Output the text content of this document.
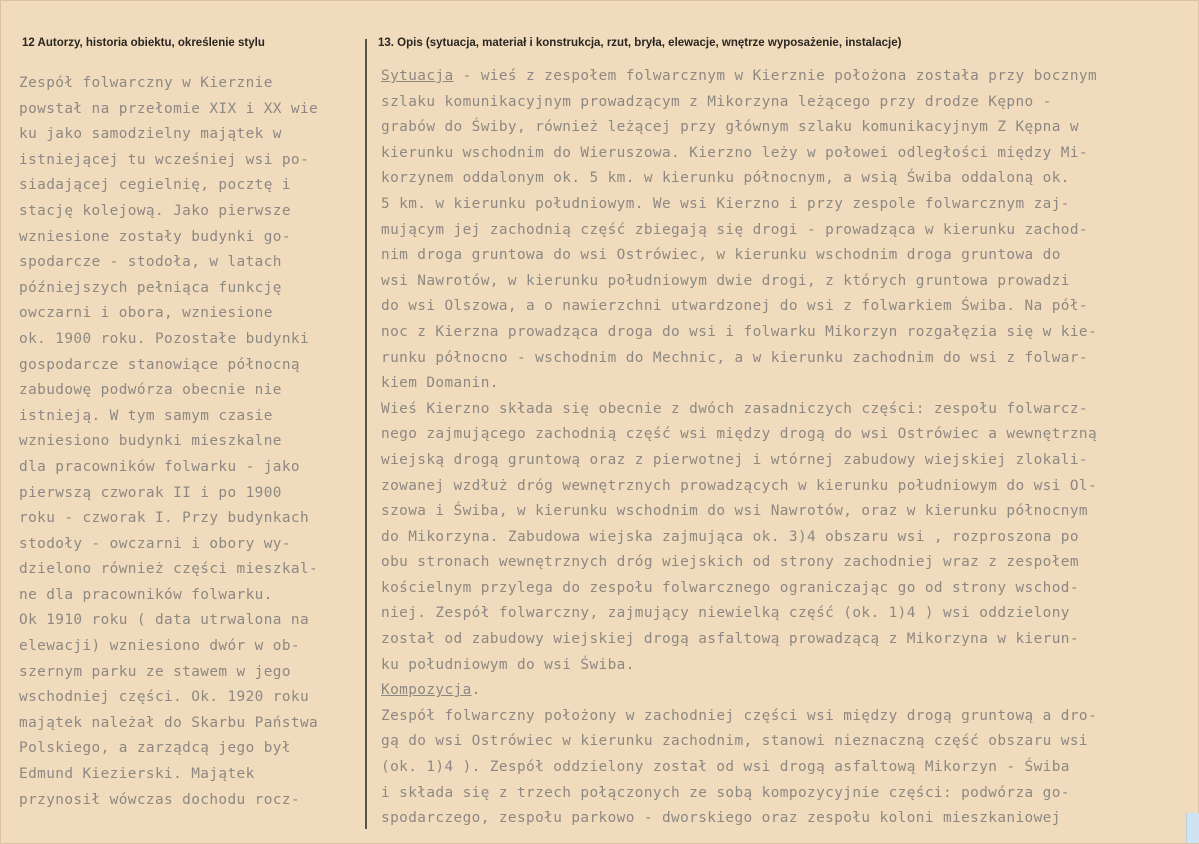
12 Autorzy, historia obiektu, określenie stylu	13. Opis (sytuacja, materiał i konstrukcja, rzut, bryła, elewacje, wnętrze wyposażenie, instalacje)
Zespół folwarczny w Kierznie
powstał na przełomie XIX i XX wie
ku jako samodzielny majątek w
istniejącej tu wcześniej wsi po-
siadającej cegielnię, pocztę i
stację kolejową. Jako pierwsze
wzniesione zostały budynki go-
spodarcze - stodoła, w latach
późniejszych pełniąca funkcję
owczarni i obora, wzniesione
ok. 1900 roku. Pozostałe budynki
gospodarcze stanowiące północną
zabudowę podwórza obecnie nie
istnieją. W tym samym czasie
wzniesiono budynki mieszkalne
dla pracowników folwarku - jako
pierwszą czworak II i po 1900
roku - czworak I. Przy budynkach
stodoły - owczarni i obory wy-
dzielono również części mieszkal-
ne dla pracowników folwarku.
Ok 1910 roku ( data utrwalona na
elewacji) wzniesiono dwór w ob-
szernym parku ze stawem w jego
wschodniej części. Ok. 1920 roku
majątek należał do Skarbu Państwa
Polskiego, a zarządcą jego był
Edmund Kiezierski. Majątek
przynosił wówczas dochodu rocz-
Sytuacja - wieś z zespołem folwarcznym w Kierznie położona została przy bocznym
szlaku komunikacyjnym prowadzącym z Mikorzyna leżącego przy drodze Kępno -
grabów do Świby, również leżącej przy głównym szlaku komunikacyjnym Z Kępna w
kierunku wschodnim do Wieruszowa. Kierzno leży w połowei odległości między Mi-
korzynem oddalonym ok. 5 km. w kierunku północnym, a wsią Świba oddaloną ok.
5 km. w kierunku południowym. We wsi Kierzno i przy zespole folwarcznym zaj-
mującym jej zachodnią część zbiegają się drogi - prowadząca w kierunku zachod-
nim droga gruntowa do wsi Ostrówiec, w kierunku wschodnim droga gruntowa do
wsi Nawrotów, w kierunku południowym dwie drogi, z których gruntowa prowadzi
do wsi Olszowa, a o nawierzchni utwardzonej do wsi z folwarkiem Świba. Na pół-
noc z Kierzna prowadząca droga do wsi i folwarku Mikorzyn rozgałęzia się w kie-
runku północno - wschodnim do Mechnic, a w kierunku zachodnim do wsi z folwar-
kiem Domanin.
Wieś Kierzno składa się obecnie z dwóch zasadniczych części: zespołu folwarcz-
nego zajmującego zachodnią część wsi między drogą do wsi Ostrówiec a wewnętrzną
wiejską drogą gruntową oraz z pierwotnej i wtórnej zabudowy wiejskiej zlokali-
zowanej wzdłuż dróg wewnętrznych prowadzących w kierunku południowym do wsi Ol-
szowa i Świba, w kierunku wschodnim do wsi Nawrotów, oraz w kierunku północnym
do Mikorzyna. Zabudowa wiejska zajmująca ok. 3)4 obszaru wsi , rozproszona po
obu stronach wewnętrznych dróg wiejskich od strony zachodniej wraz z zespołem
kościelnym przylega do zespołu folwarcznego ograniczając go od strony wschod-
niej. Zespół folwarczny, zajmujący niewielką część (ok. 1)4 ) wsi oddzielony
został od zabudowy wiejskiej drogą asfaltową prowadzącą z Mikorzyna w kierun-
ku południowym do wsi Świba.
Kompozycja.
Zespół folwarczny położony w zachodniej części wsi między drogą gruntową a dro-
gą do wsi Ostrówiec w kierunku zachodnim, stanowi nieznaczną część obszaru wsi
(ok. 1)4 ). Zespół oddzielony został od wsi drogą asfaltową Mikorzyn - Świba
i składa się z trzech połączonych ze sobą kompozycyjnie części: podwórza go-
spodarczego, zespołu parkowo - dworskiego oraz zespołu koloni mieszkaniowej
